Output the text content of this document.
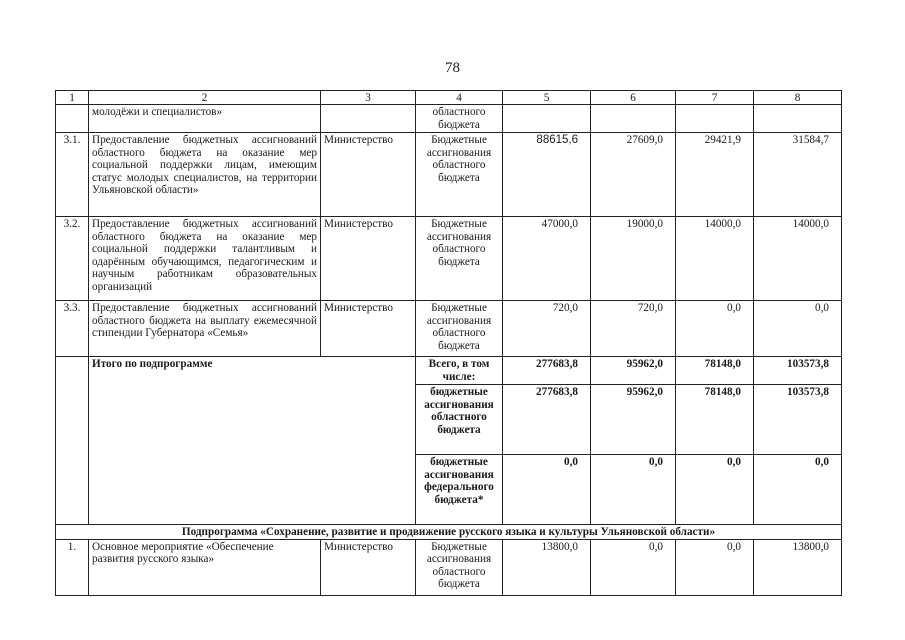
78
1	2	3	4	5	6	7	8
	молодёжи и специалистов»		областного бюджета				
3.1.	Предоставление бюджетных ассигнований областного бюджета на оказание мер социальной поддержки лицам, имеющим статус молодых специалистов, на территории Ульяновской области»	Министерство	Бюджетные ассигнования областного бюджета	88615,6	27609,0	29421,9	31584,7
3.2.	Предоставление бюджетных ассигнований областного бюджета на оказание мер социальной поддержки талантливым и одарённым обучающимся, педагогическим и научным работникам образовательных организаций	Министерство	Бюджетные ассигнования областного бюджета	47000,0	19000,0	14000,0	14000,0
3.3.	Предоставление бюджетных ассигнований областного бюджета на выплату ежемесячной стипендии Губернатора «Семья»	Министерство	Бюджетные ассигнования областного бюджета	720,0	720,0	0,0	0,0
	Итого по подпрограмме		Всего, в том числе:	277683,8	95962,0	78148,0	103573,8
			бюджетные ассигнования областного бюджета	277683,8	95962,0	78148,0	103573,8
			бюджетные ассигнования федерального бюджета*	0,0	0,0	0,0	0,0
Подпрограмма «Сохранение, развитие и продвижение русского языка и культуры Ульяновской области»							
1.	Основное мероприятие «Обеспечение развития русского языка»	Министерство	Бюджетные ассигнования областного бюджета	13800,0	0,0	0,0	13800,0
